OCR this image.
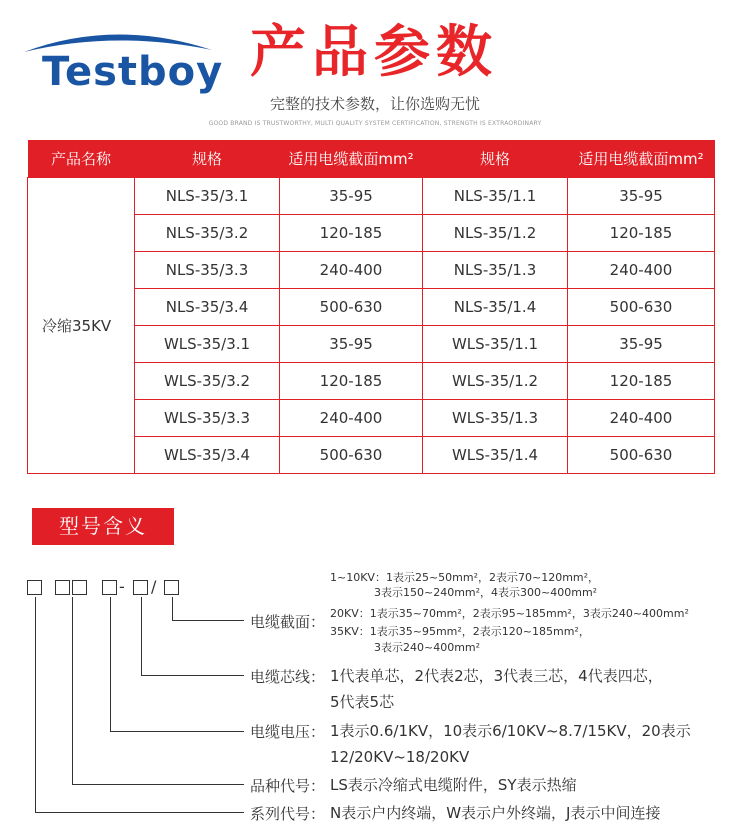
Testboy 产品参数
完整的技术参数，让你选购无忧
GOOD BRAND IS TRUSTWORTHY, MULTI QUALITY SYSTEM CERTIFICATION, STRENGTH IS EXTRAORDINARY
产品名称	规格	适用电缆截面mm²	规格	适用电缆截面mm²
冷缩35KV	NLS-35/3.1	35-95	NLS-35/1.1	35-95
	NLS-35/3.2	120-185	NLS-35/1.2	120-185
	NLS-35/3.3	240-400	NLS-35/1.3	240-400
	NLS-35/3.4	500-630	NLS-35/1.4	500-630
	WLS-35/3.1	35-95	WLS-35/1.1	35-95
	WLS-35/3.2	120-185	WLS-35/1.2	120-185
	WLS-35/3.3	240-400	WLS-35/1.3	240-400
	WLS-35/3.4	500-630	WLS-35/1.4	500-630
型号含义
- /
电缆截面：
1~10KV：1表示25~50mm²，2表示70~120mm²，
3表示150~240mm²，4表示300~400mm²
20KV：1表示35~70mm²，2表示95~185mm²，3表示240~400mm²
35KV：1表示35~95mm²，2表示120~185mm²，
3表示240~400mm²
电缆芯线： 1代表单芯，2代表2芯，3代表三芯，4代表四芯，
5代表5芯
电缆电压： 1表示0.6/1KV，10表示6/10KV~8.7/15KV，20表示
12/20KV~18/20KV
品种代号： LS表示冷缩式电缆附件，SY表示热缩
系列代号： N表示户内终端，W表示户外终端，J表示中间连接
